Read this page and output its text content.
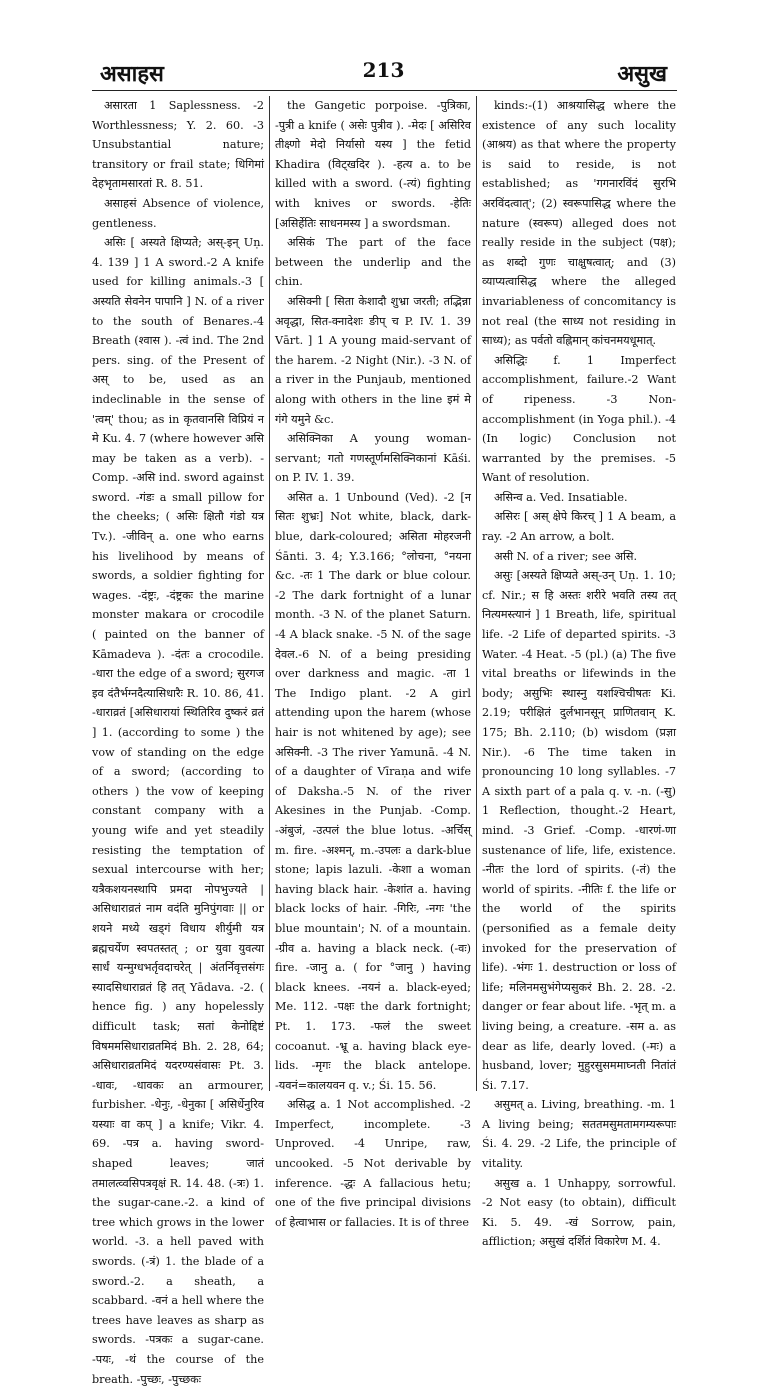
असाहस	213	असुख

असारता 1 Saplessness. -2 Worthlessness; Y. 2. 60. -3 Unsubstantial nature; transitory or frail state; धिगिमां देहभृतामसारतां R. 8. 51.

असाहसं Absence of violence, gentleness.

असिः [ अस्यते क्षिप्यते; अस्-इन् Uṇ. 4. 139 ] 1 A sword.-2 A knife used for killing animals.-3 [ अस्यति सेवनेन पापानि ] N. of a river to the south of Benares.-4 Breath (श्वास ). -त्वं ind. The 2nd pers. sing. of the Present of अस् to be, used as an indeclinable in the sense of 'त्वम्' thou; as in कृतवानसि विप्रियं न मे Ku. 4. 7 (where however असि may be taken as a verb). -Comp. -असि ind. sword against sword. -गंडः a small pillow for the cheeks; ( असिः क्षितौ गंडो यत्र Tv.). -जीविन् a. one who earns his livelihood by means of swords, a soldier fighting for wages. -दंष्ट्रः, -दंष्ट्रकः the marine monster makara or crocodile ( painted on the banner of Kāmadeva ). -दंतः a crocodile. -धारा the edge of a sword; सुरगज इव दंतैर्भग्नदैत्यासिधारैः R. 10. 86, 41. -धाराव्रतं [असिधारायां स्थितिरिव दुष्करं व्रतं ] 1. (according to some ) the vow of standing on the edge of a sword; (according to others ) the vow of keeping constant company with a young wife and yet steadily resisting the temptation of sexual intercourse with her; यत्रैकशयनस्थापि प्रमदा नोपभुज्यते | असिधाराव्रतं नाम वदंति मुनिपुंगवाः || or शयने मध्ये खड्गं विधाय शीर्युमी यत्र ब्रह्मचर्येण स्वपतस्तत् ; or युवा युवत्या सार्धं यन्मुग्धभर्तृवदाचरेत् | अंतर्निवृत्तसंगः स्यादसिधाराव्रतं हि तत् Yādava. -2. ( hence fig. ) any hopelessly difficult task; सतां केनोद्दिष्टं विषममसिधाराव्रतमिदं Bh. 2. 28, 64; असिधाराव्रतमिदं यदरण्यसंवासः Pt. 3. -धावः, -धावकः an armourer, furbisher. -धेनुः, -धेनुका [ असिर्धेनुरिव यस्याः वा कप् ] a knife; Vikr. 4. 69. -पत्र a. having sword-shaped leaves; जातं तमालत्व्वसिपत्रवृक्षं R. 14. 48. (-त्रः) 1. the sugar-cane.-2. a kind of tree which grows in the lower world. -3. a hell paved with swords. (-त्रं) 1. the blade of a sword.-2. a sheath, a scabbard. -वनं a hell where the trees have leaves as sharp as swords. -पत्रकः a sugar-cane. -पयः, -थं the course of the breath. -पुच्छः, -पुच्छकः

the Gangetic porpoise. -पुत्रिका, -पुत्री a knife ( असेः पुत्रीव ). -मेदः [ असिरिव तीक्ष्णो मेदो निर्यासो यस्य ] the fetid Khadira (विट्खदिर ). -हत्य a. to be killed with a sword. (-त्यं) fighting with knives or swords. -हेतिः [असिर्हेतिः साधनमस्य ] a swordsman.

असिकं The part of the face between the underlip and the chin.

असिक्नी [ सिता केशादौ शुभ्रा जरती; तद्भिन्ना अवृद्धा, सित-क्नादेशः ङीप् च P. IV. 1. 39 Vārt. ] 1 A young maid-servant of the harem. -2 Night (Nir.). -3 N. of a river in the Punjaub, mentioned along with others in the line इमं मे गंगे यमुने &c.

असिक्निका A young woman-servant; गतो गणस्तूर्णमसिक्निकानां Kāśi. on P. IV. 1. 39.

असित a. 1 Unbound (Ved). -2 [न सितः शुभ्रः] Not white, black, dark-blue, dark-coloured; असिता मोहरजनी Śānti. 3. 4; Y.3.166; °लोचना, °नयना &c. -तः 1 The dark or blue colour. -2 The dark fortnight of a lunar month. -3 N. of the planet Saturn. -4 A black snake. -5 N. of the sage देवल.-6 N. of a being presiding over darkness and magic. -ता 1 The Indigo plant. -2 A girl attending upon the harem (whose hair is not whitened by age); see असिक्नी. -3 The river Yamunā. -4 N. of a daughter of Vīraṇa and wife of Daksha.-5 N. of the river Akesines in the Punjab. -Comp. -अंबुजं, -उत्पलं the blue lotus. -अर्चिस् m. fire. -अश्मन्, m.-उपलः a dark-blue stone; lapis lazuli. -केशा a woman having black hair. -केशांत a. having black locks of hair. -गिरिः, -नगः 'the blue mountain'; N. of a mountain. -ग्रीव a. having a black neck. (-वः) fire. -जानु a. ( for °जानु ) having black knees. -नयनं a. black-eyed; Me. 112. -पक्षः the dark fortnight; Pt. 1. 173. -फलं the sweet cocoanut. -भ्रू a. having black eye-lids. -मृगः the black antelope. -यवनं=कालयवन q. v.; Śi. 15. 56.

असिद्ध a. 1 Not accomplished. -2 Imperfect, incomplete. -3 Unproved. -4 Unripe, raw, uncooked. -5 Not derivable by inference. -द्धः A fallacious hetu; one of the five principal divisions of हेत्वाभास or fallacies. It is of three

kinds:-(1) आश्रयासिद्ध where the existence of any such locality (आश्रय) as that where the property is said to reside, is not established; as 'गगनारविंदं सुरभि अरविंदत्वात्'; (2) स्वरूपासिद्ध where the nature (स्वरूप) alleged does not really reside in the subject (पक्ष); as शब्दो गुणः चाक्षुषत्वात्; and (3) व्याप्यत्वासिद्ध where the alleged invariableness of concomitancy is not real (the साध्य not residing in साध्य); as पर्वतो वह्निमान् कांचनमयधूमात्.

असिद्धिः f. 1 Imperfect accomplishment, failure.-2 Want of ripeness. -3 Non-accomplishment (in Yoga phil.). -4 (In logic) Conclusion not warranted by the premises. -5 Want of resolution.

असिन्व a. Ved. Insatiable.

असिरः [ अस् क्षेपे किरच् ] 1 A beam, a ray. -2 An arrow, a bolt.

असी N. of a river; see असि.

असुः [अस्यते क्षिप्यते अस्-उन् Uṇ. 1. 10; cf. Nir.; स हि अस्तः शरीरे भवति तस्य तत् नित्यमस्त्यानं ] 1 Breath, life, spiritual life. -2 Life of departed spirits. -3 Water. -4 Heat. -5 (pl.) (a) The five vital breaths or lifewinds in the body; असुभिः स्थास्नु यशश्चिचीषतः Ki. 2.19; परीक्षितं दुर्लभानसून् प्राणितवान् K. 175; Bh. 2.110; (b) wisdom (प्रज्ञा Nir.). -6 The time taken in pronouncing 10 long syllables. -7 A sixth part of a pala q. v. -n. (-सु) 1 Reflection, thought.-2 Heart, mind. -3 Grief. -Comp. -धारणं-णा sustenance of life, life, existence. -नीतः the lord of spirits. (-तं) the world of spirits. -नीतिः f. the life or the world of the spirits (personified as a female deity invoked for the preservation of life). -भंगः 1. destruction or loss of life; मलिनमसुभंगेप्यसुकरं Bh. 2. 28. -2. danger or fear about life. -भृत् m. a living being, a creature. -सम a. as dear as life, dearly loved. (-मः) a husband, lover; मुहुरसुसममाघ्नती नितांतं Śi. 7.17.

असुमत् a. Living, breathing. -m. 1 A living being; सततमसुमतामगम्यरूपाः Śi. 4. 29. -2 Life, the principle of vitality.

असुख a. 1 Unhappy, sorrowful. -2 Not easy (to obtain), difficult Ki. 5. 49. -खं Sorrow, pain, affliction; असुखं दर्शितं विकारेण M. 4.
